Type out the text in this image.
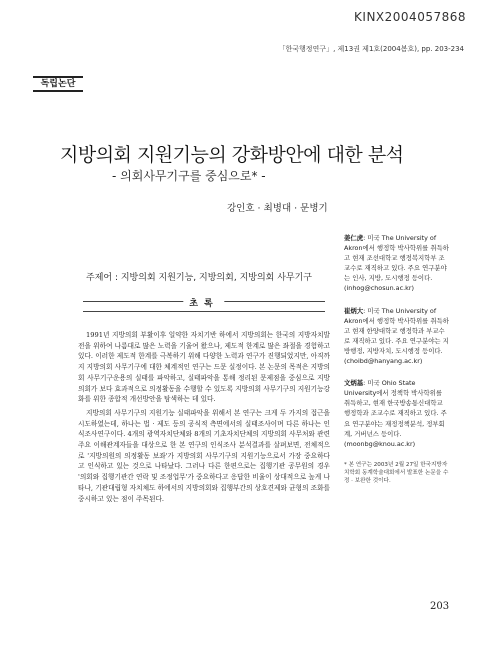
KINX2004057868
「한국행정연구」, 제13권 제1호(2004봄호), pp. 203-234
독립논단
지방의회 지원기능의 강화방안에 대한 분석
- 의회사무기구를 중심으로* -
강인호 · 최병대 · 문병기
주제어 : 지방의회 지원기능, 지방의회, 지방의회 사무기구
초록

1991년 지방의회 부활이후 일약한 자치기반 하에서 지방의회는 한국의 지방자치발전을 위하여 나름대로 많은 노력을 기울여 왔으나, 제도적 한계로 많은 좌절을 경험하고 있다. 이러한 제도적 한계를 극복하기 위해 다양한 노력과 연구가 진행되었지만, 아직까지 지방의회 사무기구에 대한 체계적인 연구는 드문 실정이다. 본 논문의 목적은 지방의회 사무기구운용의 실태를 파악하고, 실태파악을 통해 정리된 문제점을 중심으로 지방의회가 보다 효과적으로 의정활동을 수행할 수 있도록 지방의회 사무기구의 지원기능강화를 위한 종합적 개선방안을 탐색하는 데 있다.

지방의회 사무기구의 지원기능 실태파악을 위해서 본 연구는 크게 두 가지의 접근을 시도하였는데, 하나는 법 · 제도 등의 공식적 측면에서의 실태조사이며 다른 하나는 인식조사연구이다. 4개의 광역자치단체와 8개의 기초자치단체의 지방의회 사무처와 관련 주요 이해관계자들을 대상으로 한 본 연구의 인식조사 분석결과를 살펴보면, 전체적으로 '지방의원의 의정활동 보좌'가 지방의회 사무기구의 지원기능으로서 가장 중요하다고 인식하고 있는 것으로 나타났다. 그러나 다른 한편으로는 집행기관 공무원의 경우 '의회와 집행기관간 연락 및 조정업무'가 중요하다고 응답한 비율이 상대적으로 높게 나타나, 기관대립형 자치체도 하에서의 지방의회와 집행부간의 상호견제와 균형의 조화를 중시하고 있는 점이 주목된다.

姜仁虎: 미국 The University of Akron에서 행정학 박사학위를 취득하고 현재 조선대학교 행정복지학부 조교수로 재직하고 있다. 주요 연구분야는 인사, 지방, 도시행정 등이다.
(inhog@chosun.ac.kr)
崔炳大: 미국 The University of Akron에서 행정학 박사학위를 취득하고 현재 한양대학교 행정학과 부교수로 재직하고 있다. 주요 연구분야는 지방행정, 지방자치, 도시행정 등이다.
(choibd@hanyang.ac.kr)
文炳基: 미국 Ohio State University에서 정책학 박사학위를 취득하고, 현재 한국방송통신대학교 행정학과 조교수로 재직하고 있다. 주요 연구분야는 재정정책분석, 정부회계, 거버넌스 등이다.
(moonbg@knou.ac.kr)
* 본 연구는 2003년 2월 27일 한국지방자치학회 동계학술대회에서 발표한 논문을 수정 · 보완한 것이다.
203
